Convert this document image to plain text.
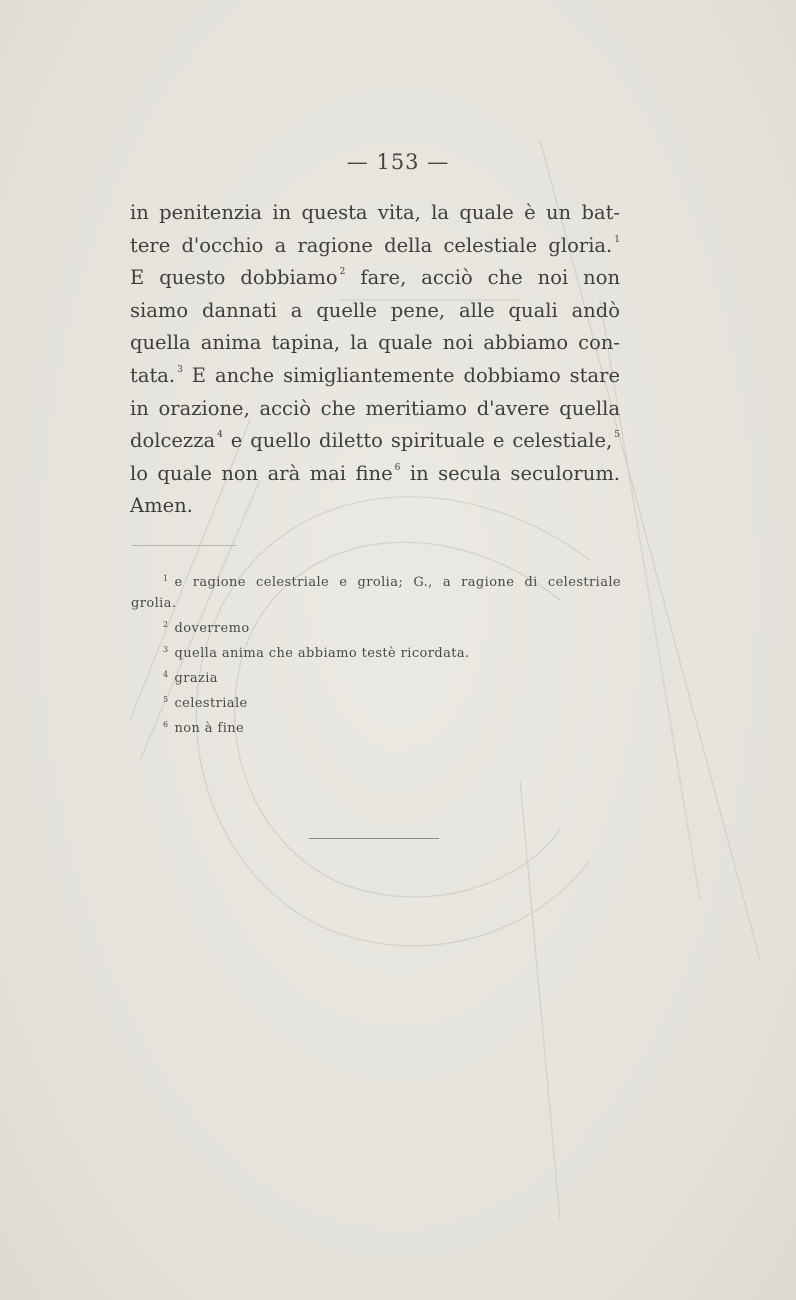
— 153 —
in penitenzia in questa vita, la quale è un bat-
tere d'occhio a ragione della celestiale gloria. $^1$
E questo dobbiamo $^2$ fare, acciò che noi non
siamo dannati a quelle pene, alle quali andò
quella anima tapina, la quale noi abbiamo con-
tata. $^3$ E anche simigliantemente dobbiamo stare
in orazione, acciò che meritiamo d'avere quella
dolcezza $^4$ e quello diletto spirituale e celestiale, $^5$
lo quale non arà mai fine $^6$ in secula seculorum.
Amen.
$^1$ e ragione celestriale e grolia; G., a ragione di celestriale
grolia.
$^2$ doverremo
$^3$ quella anima che abbiamo testè ricordata.
$^4$ grazia
$^5$ celestriale
$^6$ non à fine
